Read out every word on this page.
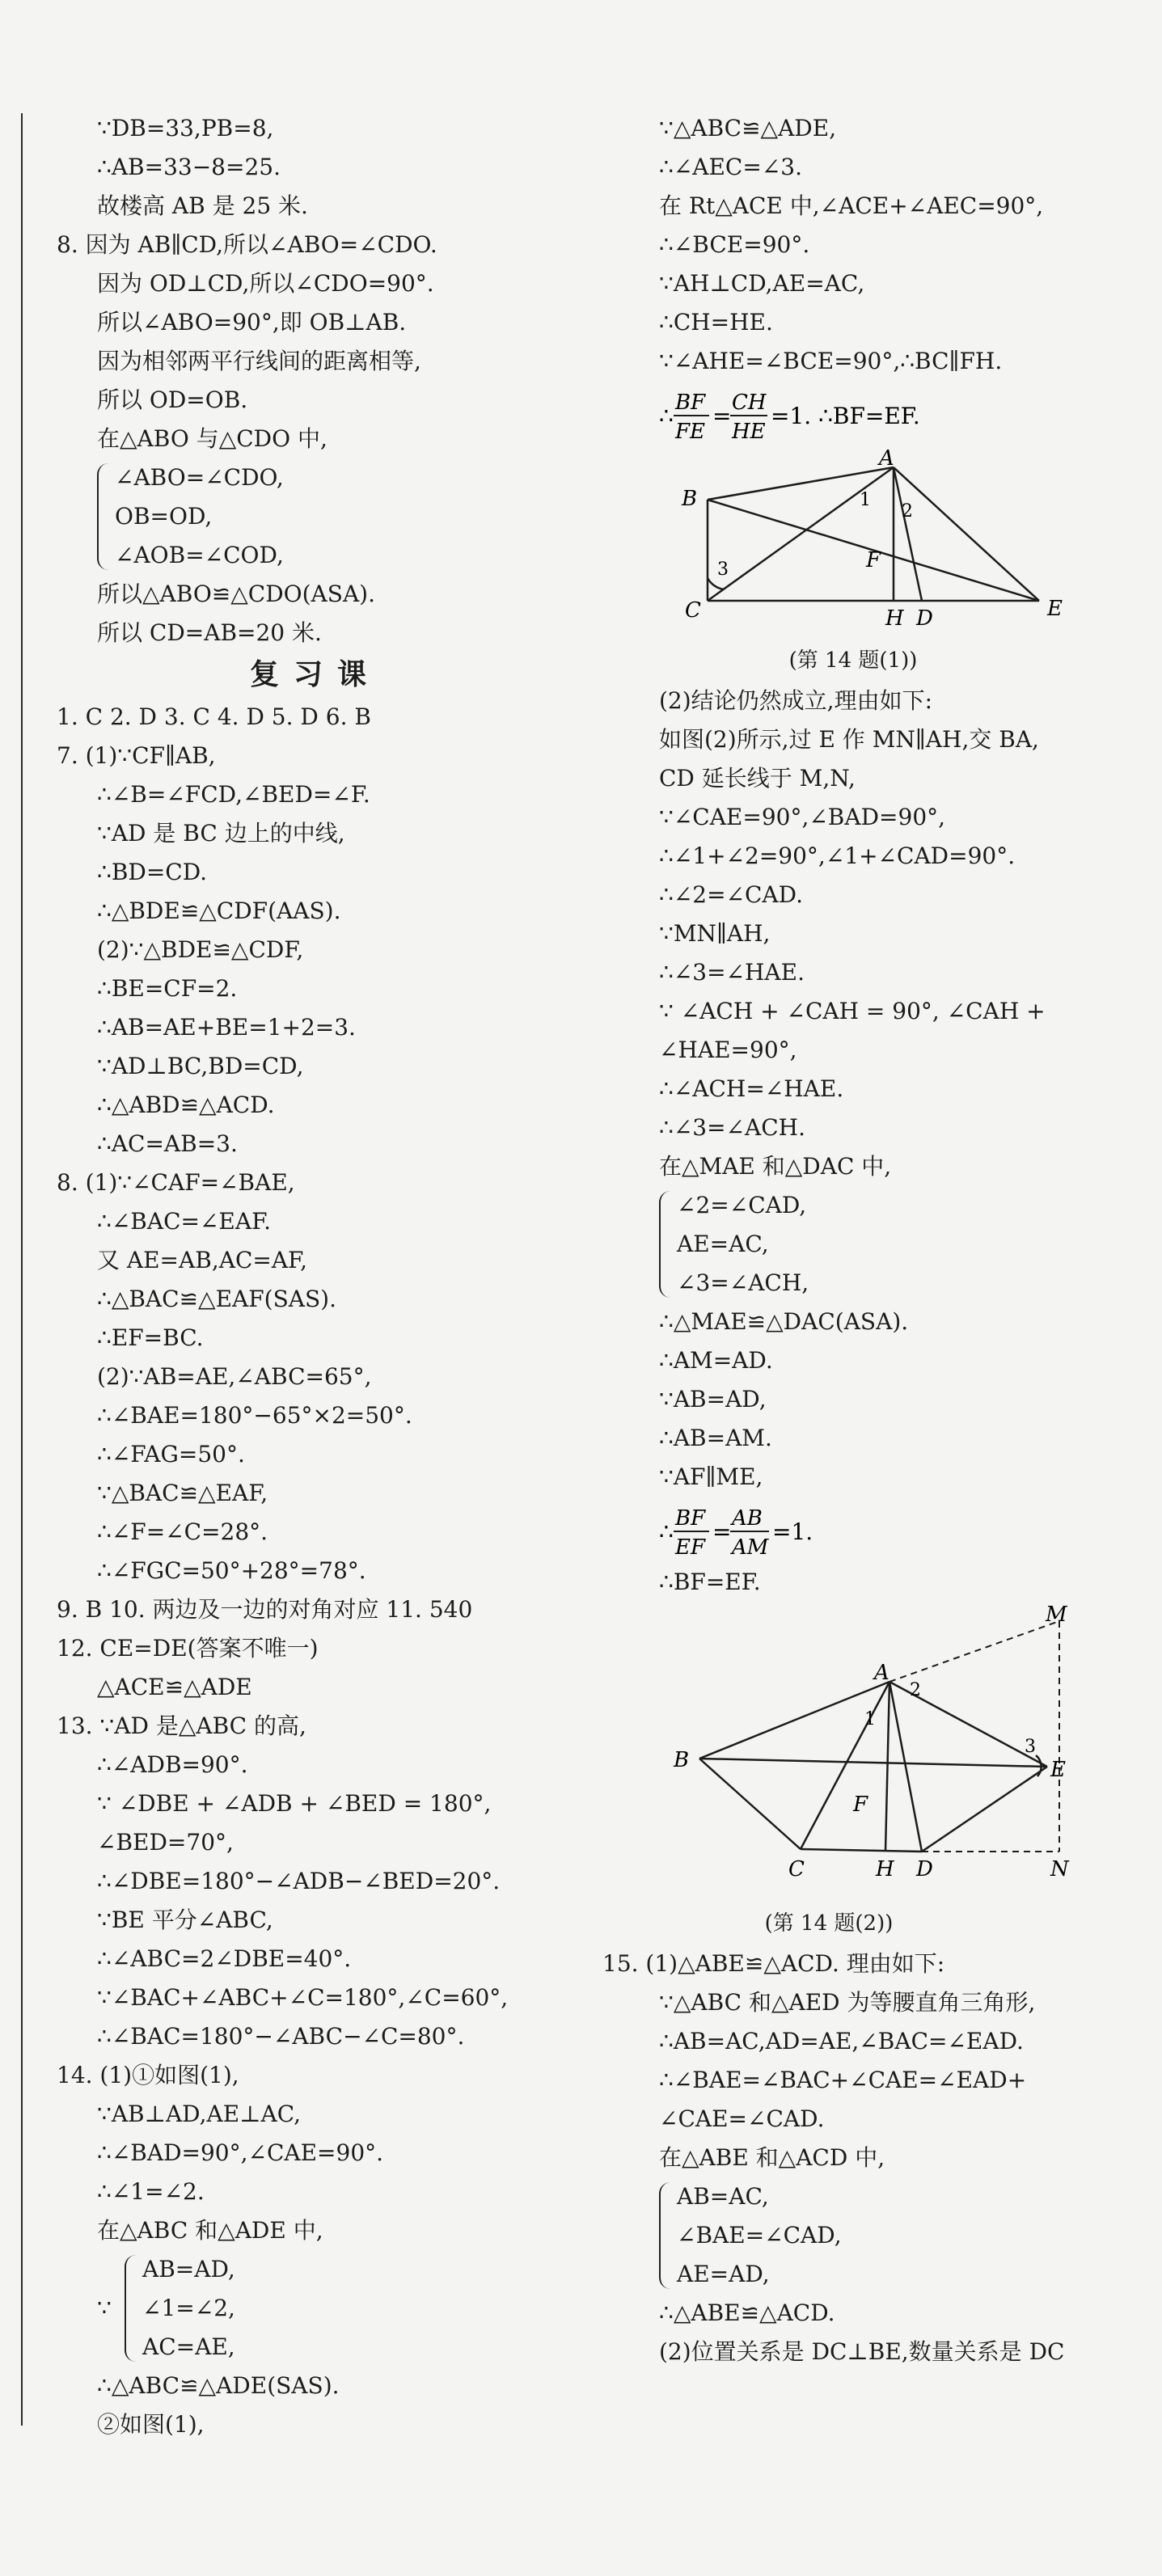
∵DB=33,PB=8,
∴AB=33−8=25.
故楼高 AB 是 25 米.
8. 因为 AB∥CD,所以∠ABO=∠CDO.
因为 OD⊥CD,所以∠CDO=90°.
所以∠ABO=90°,即 OB⊥AB.
因为相邻两平行线间的距离相等,
所以 OD=OB.
在△ABO 与△CDO 中,
∠ABO=∠CDO,
OB=OD,
∠AOB=∠COD,
所以△ABO≌△CDO(ASA).
所以 CD=AB=20 米.
复习课
1. C 2. D 3. C 4. D 5. D 6. B
7. (1)∵CF∥AB,
∴∠B=∠FCD,∠BED=∠F.
∵AD 是 BC 边上的中线,
∴BD=CD.
∴△BDE≌△CDF(AAS).
(2)∵△BDE≌△CDF,
∴BE=CF=2.
∴AB=AE+BE=1+2=3.
∵AD⊥BC,BD=CD,
∴△ABD≌△ACD.
∴AC=AB=3.
8. (1)∵∠CAF=∠BAE,
∴∠BAC=∠EAF.
又 AE=AB,AC=AF,
∴△BAC≌△EAF(SAS).
∴EF=BC.
(2)∵AB=AE,∠ABC=65°,
∴∠BAE=180°−65°×2=50°.
∴∠FAG=50°.
∵△BAC≌△EAF,
∴∠F=∠C=28°.
∴∠FGC=50°+28°=78°.
9. B 10. 两边及一边的对角对应 11. 540
12. CE=DE(答案不唯一)
△ACE≌△ADE
13. ∵AD 是△ABC 的高,
∴∠ADB=90°.
∵ ∠DBE + ∠ADB + ∠BED = 180°,
∠BED=70°,
∴∠DBE=180°−∠ADB−∠BED=20°.
∵BE 平分∠ABC,
∴∠ABC=2∠DBE=40°.
∵∠BAC+∠ABC+∠C=180°,∠C=60°,
∴∠BAC=180°−∠ABC−∠C=80°.
14. (1)①如图(1),
∵AB⊥AD,AE⊥AC,
∴∠BAD=90°,∠CAE=90°.
∴∠1=∠2.
在△ABC 和△ADE 中,
∵
AB=AD,
∠1=∠2,
AC=AE,
∴△ABC≌△ADE(SAS).
②如图(1),
∵△ABC≌△ADE,
∴∠AEC=∠3.
在 Rt△ACE 中,∠ACE+∠AEC=90°,
∴∠BCE=90°.
∵AH⊥CD,AE=AC,
∴CH=HE.
∵∠AHE=∠BCE=90°,∴BC∥FH.
∴ BF
FE
= CH
HE
=1. ∴BF=EF.
A
B
C	D	E
H
F
1
2
3
(第 14 题(1))
(2)结论仍然成立,理由如下:
如图(2)所示,过 E 作 MN∥AH,交 BA,
CD 延长线于 M,N,
∵∠CAE=90°,∠BAD=90°,
∴∠1+∠2=90°,∠1+∠CAD=90°.
∴∠2=∠CAD.
∵MN∥AH,
∴∠3=∠HAE.
∵ ∠ACH + ∠CAH = 90°, ∠CAH +
∠HAE=90°,
∴∠ACH=∠HAE.
∴∠3=∠ACH.
在△MAE 和△DAC 中,
∠2=∠CAD,
AE=AC,
∠3=∠ACH,
∴△MAE≌△DAC(ASA).
∴AM=AD.
∵AB=AD,
∴AB=AM.
∵AF∥ME,
∴ BF
EF
= AB
AM
=1.
∴BF=EF.
A
B
C	D
E
H
F
M
N
1
2
3
(第 14 题(2))
15. (1)△ABE≌△ACD. 理由如下:
∵△ABC 和△AED 为等腰直角三角形,
∴AB=AC,AD=AE,∠BAC=∠EAD.
∴∠BAE=∠BAC+∠CAE=∠EAD+
∠CAE=∠CAD.
在△ABE 和△ACD 中,
AB=AC,
∠BAE=∠CAD,
AE=AD,
∴△ABE≌△ACD.
(2)位置关系是 DC⊥BE,数量关系是 DC
